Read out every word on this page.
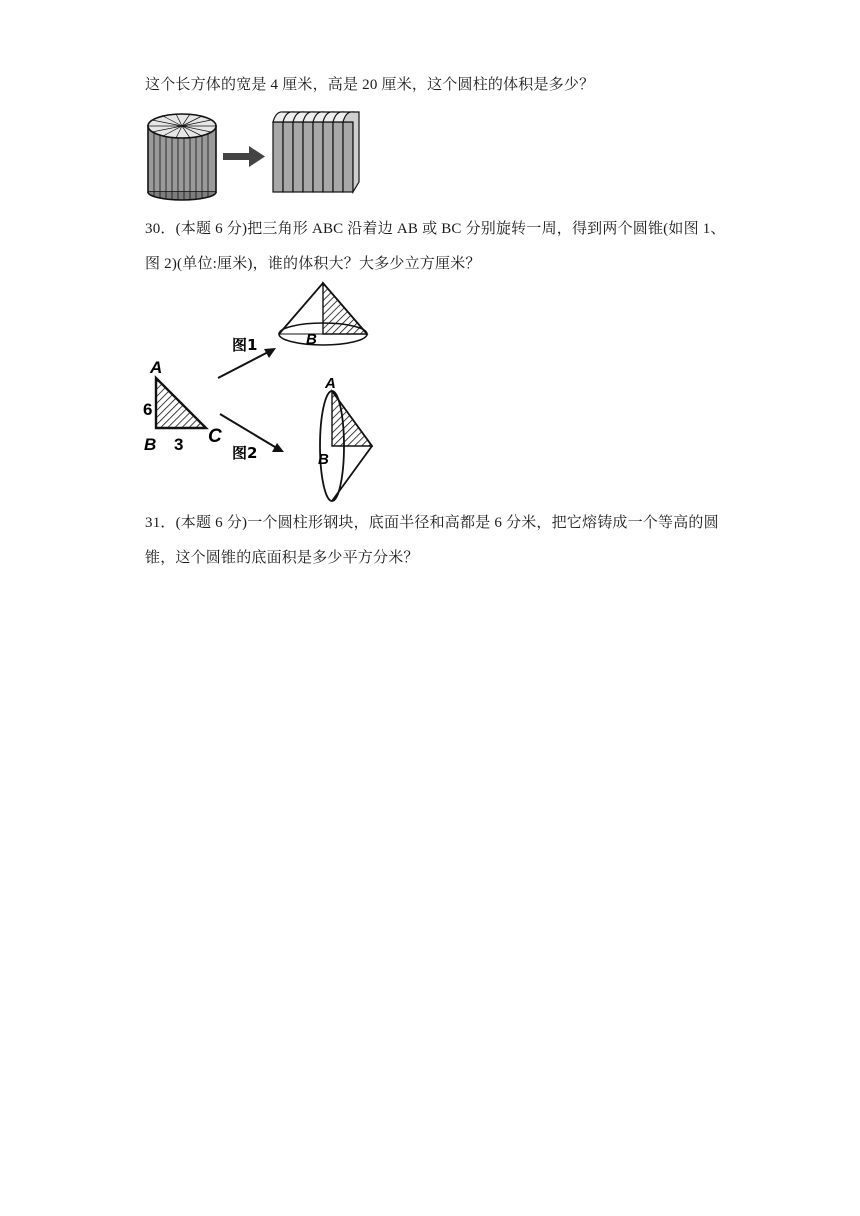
这个长方体的宽是 4 厘米，高是 20 厘米，这个圆柱的体积是多少？
30．(本题 6 分)把三角形 ABC 沿着边 AB 或 BC 分别旋转一周，得到两个圆锥(如图 1、
图 2)(单位:厘米)，谁的体积大？大多少立方厘米？
A
6
B 3 C
图1
图2
B
A
B
31．(本题 6 分)一个圆柱形钢块，底面半径和高都是 6 分米，把它熔铸成一个等高的圆
锥，这个圆锥的底面积是多少平方分米？
